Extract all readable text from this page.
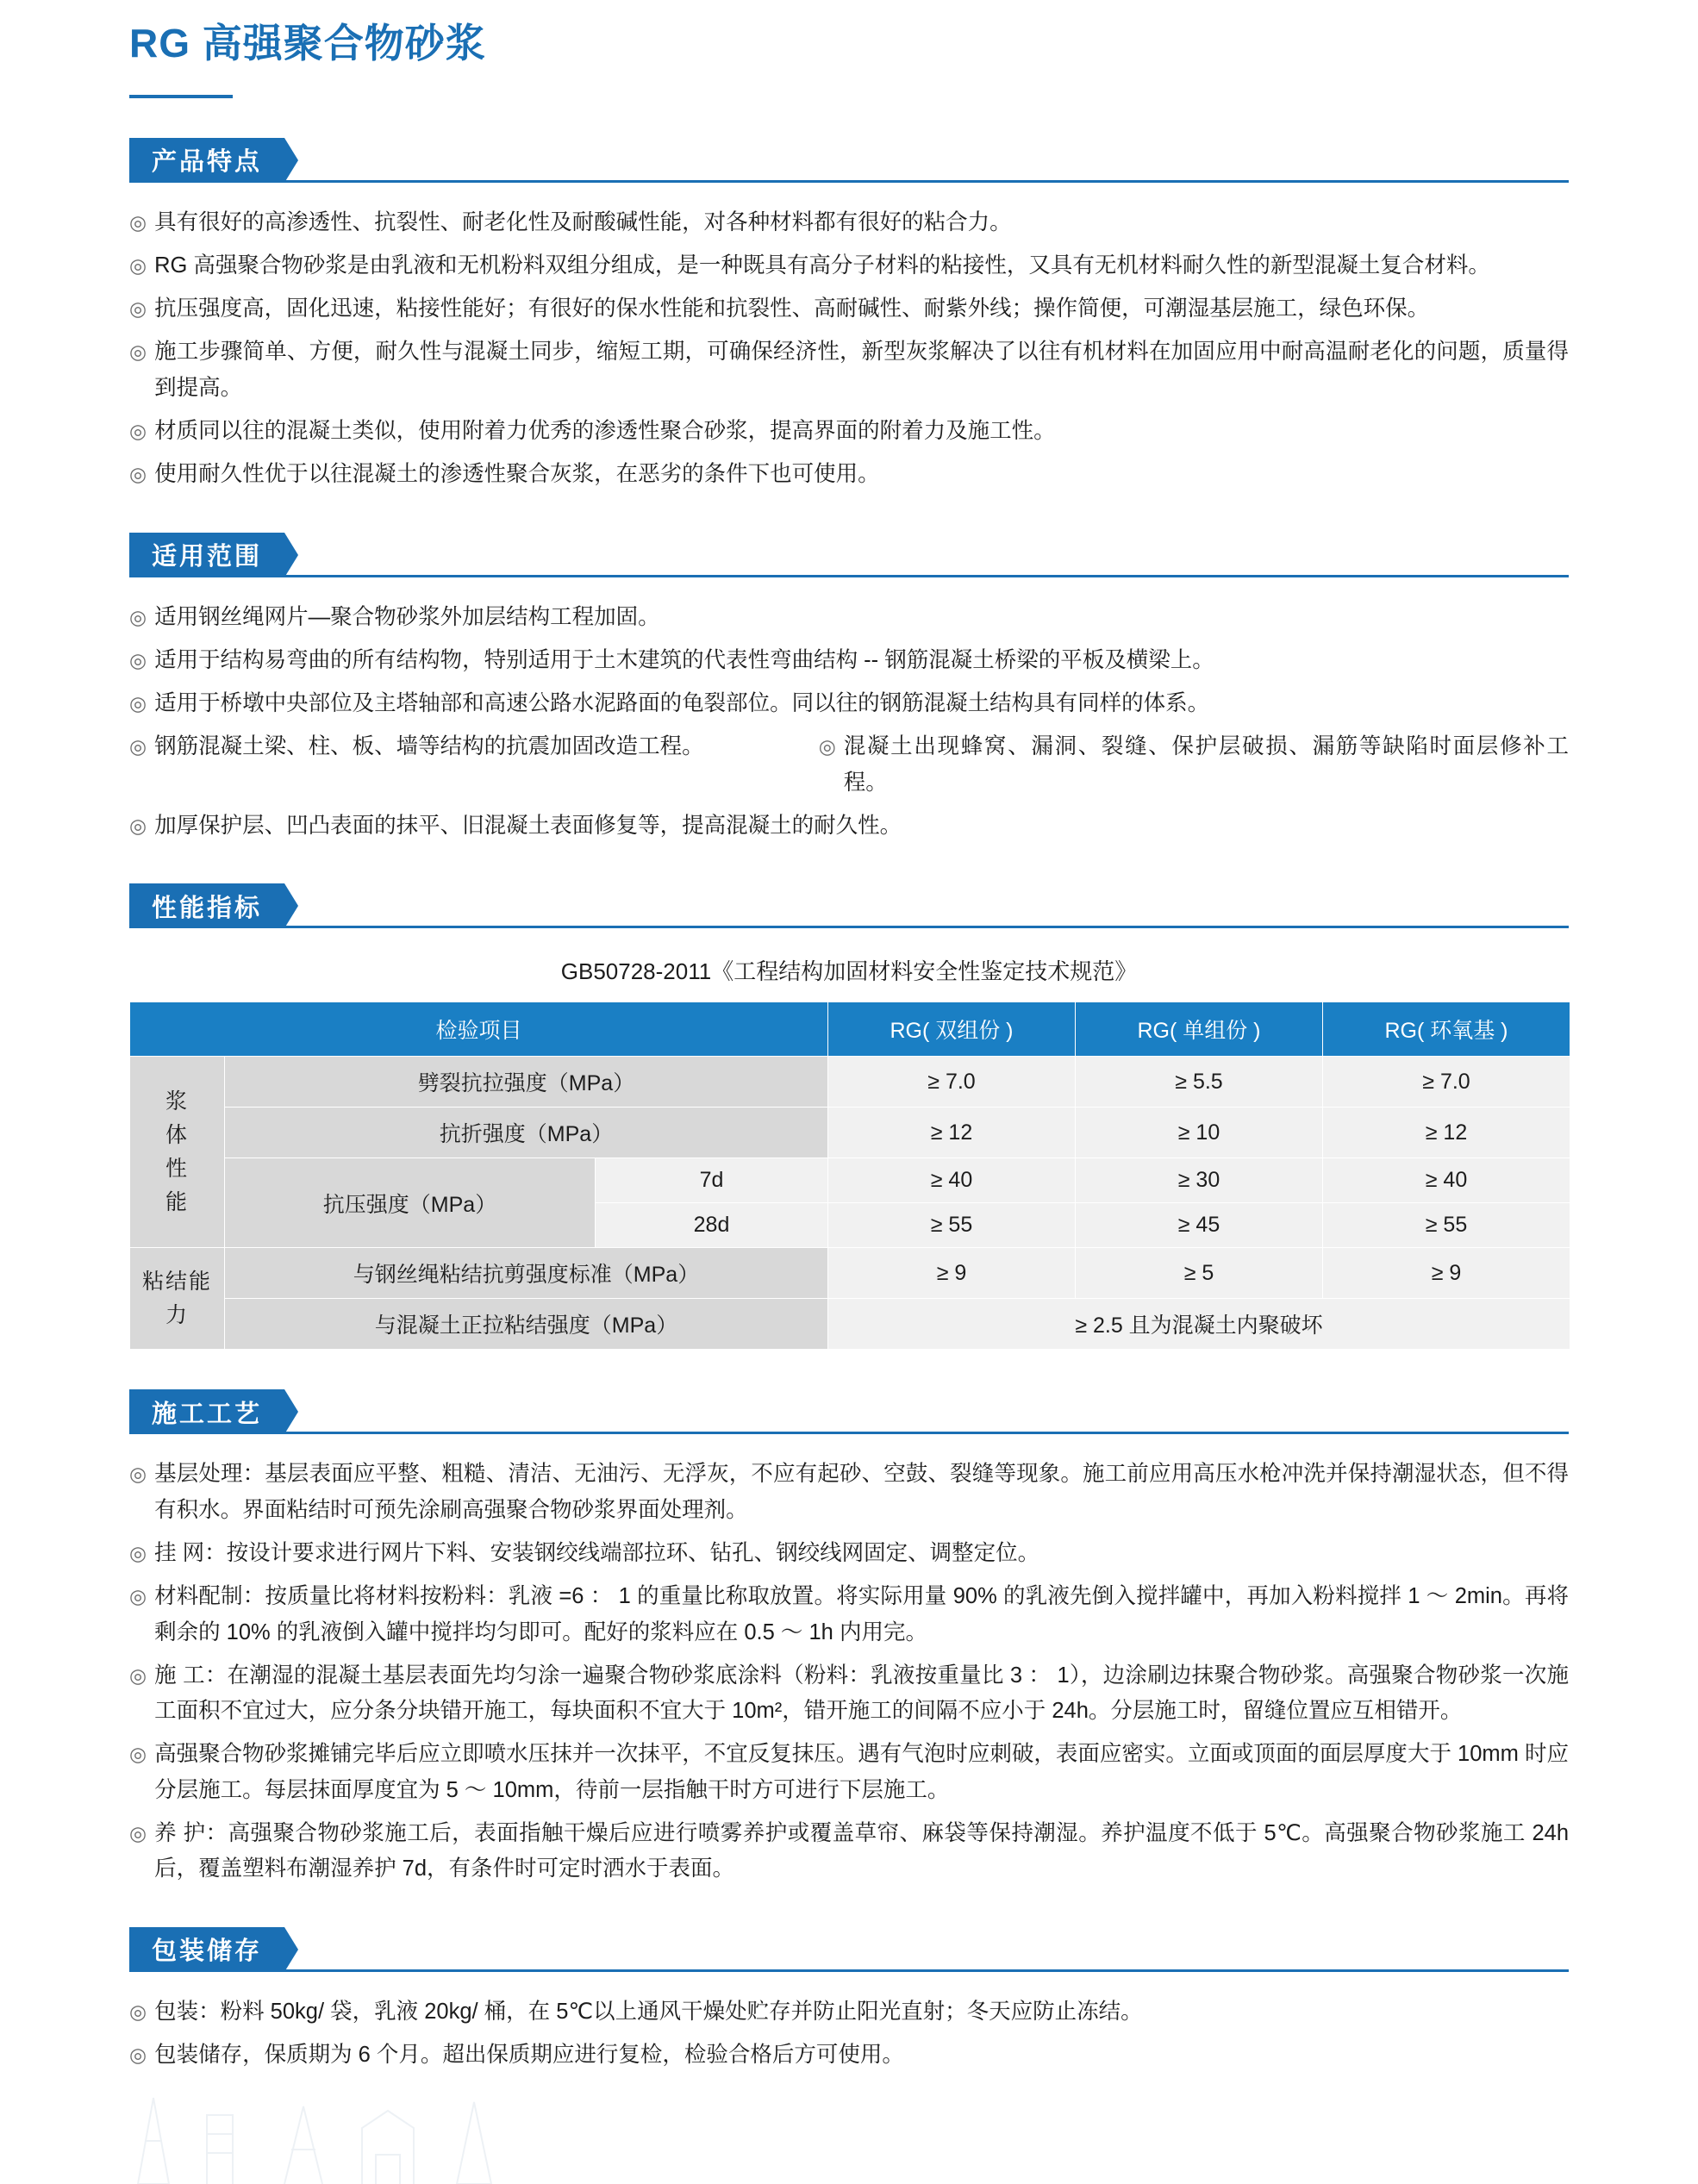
RG 高强聚合物砂浆
产品特点
◎ 具有很好的高渗透性、抗裂性、耐老化性及耐酸碱性能，对各种材料都有很好的粘合力。
◎ RG 高强聚合物砂浆是由乳液和无机粉料双组分组成，是一种既具有高分子材料的粘接性，又具有无机材料耐久性的新型混凝土复合材料。
◎ 抗压强度高，固化迅速，粘接性能好；有很好的保水性能和抗裂性、高耐碱性、耐紫外线；操作简便，可潮湿基层施工，绿色环保。
◎ 施工步骤简单、方便，耐久性与混凝土同步，缩短工期，可确保经济性，新型灰浆解决了以往有机材料在加固应用中耐高温耐老化的问题，质量得到提高。
◎ 材质同以往的混凝土类似，使用附着力优秀的渗透性聚合砂浆，提高界面的附着力及施工性。
◎ 使用耐久性优于以往混凝土的渗透性聚合灰浆，在恶劣的条件下也可使用。
适用范围
◎ 适用钢丝绳网片—聚合物砂浆外加层结构工程加固。
◎ 适用于结构易弯曲的所有结构物，特别适用于土木建筑的代表性弯曲结构 -- 钢筋混凝土桥梁的平板及横梁上。
◎ 适用于桥墩中央部位及主塔轴部和高速公路水泥路面的龟裂部位。同以往的钢筋混凝土结构具有同样的体系。
◎ 钢筋混凝土梁、柱、板、墙等结构的抗震加固改造工程。	◎ 混凝土出现蜂窝、漏洞、裂缝、保护层破损、漏筋等缺陷时面层修补工程。
◎ 加厚保护层、凹凸表面的抹平、旧混凝土表面修复等，提高混凝土的耐久性。
性能指标
GB50728-2011《工程结构加固材料安全性鉴定技术规范》
检验项目			RG( 双组份 )	RG( 单组份 )	RG( 环氧基 )
浆
体
性
能	劈裂抗拉强度（MPa）		≥ 7.0	≥ 5.5	≥ 7.0
	抗折强度（MPa）		≥ 12	≥ 10	≥ 12
	抗压强度（MPa）	7d	≥ 40	≥ 30	≥ 40
		28d	≥ 55	≥ 45	≥ 55
粘结能
力	与钢丝绳粘结抗剪强度标准（MPa）		≥ 9	≥ 5	≥ 9
	与混凝土正拉粘结强度（MPa）		≥ 2.5 且为混凝土内聚破坏		
施工工艺
◎ 基层处理：基层表面应平整、粗糙、清洁、无油污、无浮灰，不应有起砂、空鼓、裂缝等现象。施工前应用高压水枪冲洗并保持潮湿状态，但不得有积水。界面粘结时可预先涂刷高强聚合物砂浆界面处理剂。
◎ 挂 网：按设计要求进行网片下料、安装钢绞线端部拉环、钻孔、钢绞线网固定、调整定位。
◎ 材料配制：按质量比将材料按粉料：乳液 =6 ： 1 的重量比称取放置。将实际用量 90% 的乳液先倒入搅拌罐中，再加入粉料搅拌 1 ～ 2min。再将剩余的 10% 的乳液倒入罐中搅拌均匀即可。配好的浆料应在 0.5 ～ 1h 内用完。
◎ 施 工：在潮湿的混凝土基层表面先均匀涂一遍聚合物砂浆底涂料（粉料：乳液按重量比 3 ： 1），边涂刷边抹聚合物砂浆。高强聚合物砂浆一次施工面积不宜过大，应分条分块错开施工，每块面积不宜大于 10m²，错开施工的间隔不应小于 24h。分层施工时，留缝位置应互相错开。
◎ 高强聚合物砂浆摊铺完毕后应立即喷水压抹并一次抹平，不宜反复抹压。遇有气泡时应刺破，表面应密实。立面或顶面的面层厚度大于 10mm 时应分层施工。每层抹面厚度宜为 5 ～ 10mm，待前一层指触干时方可进行下层施工。
◎ 养 护：高强聚合物砂浆施工后，表面指触干燥后应进行喷雾养护或覆盖草帘、麻袋等保持潮湿。养护温度不低于 5℃。高强聚合物砂浆施工 24h 后，覆盖塑料布潮湿养护 7d，有条件时可定时洒水于表面。
包装储存
◎ 包装：粉料 50kg/ 袋，乳液 20kg/ 桶，在 5℃以上通风干燥处贮存并防止阳光直射；冬天应防止冻结。
◎ 包装储存，保质期为 6 个月。超出保质期应进行复检，检验合格后方可使用。
